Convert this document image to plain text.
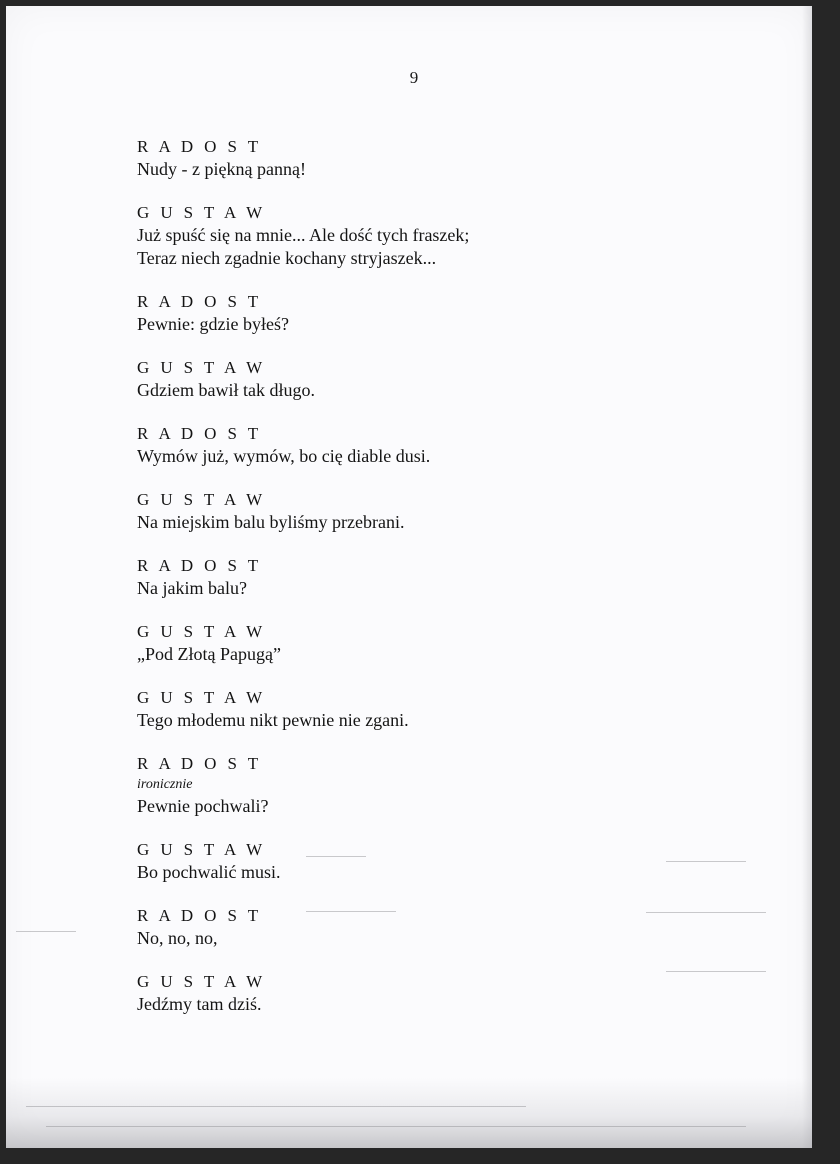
9
R A D O S T
Nudy - z piękną panną!
G U S T A W
Już spuść się na mnie... Ale dość tych fraszek;
Teraz niech zgadnie kochany stryjaszek...
R A D O S T
Pewnie: gdzie byłeś?
G U S T A W
Gdziem bawił tak długo.
R A D O S T
Wymów już, wymów, bo cię diable dusi.
G U S T A W
Na miejskim balu byliśmy przebrani.
R A D O S T
Na jakim balu?
G U S T A W
„Pod Złotą Papugą”
G U S T A W
Tego młodemu nikt pewnie nie zgani.
R A D O S T
ironicznie
Pewnie pochwali?
G U S T A W
Bo pochwalić musi.
R A D O S T
No, no, no,
G U S T A W
Jedźmy tam dziś.
